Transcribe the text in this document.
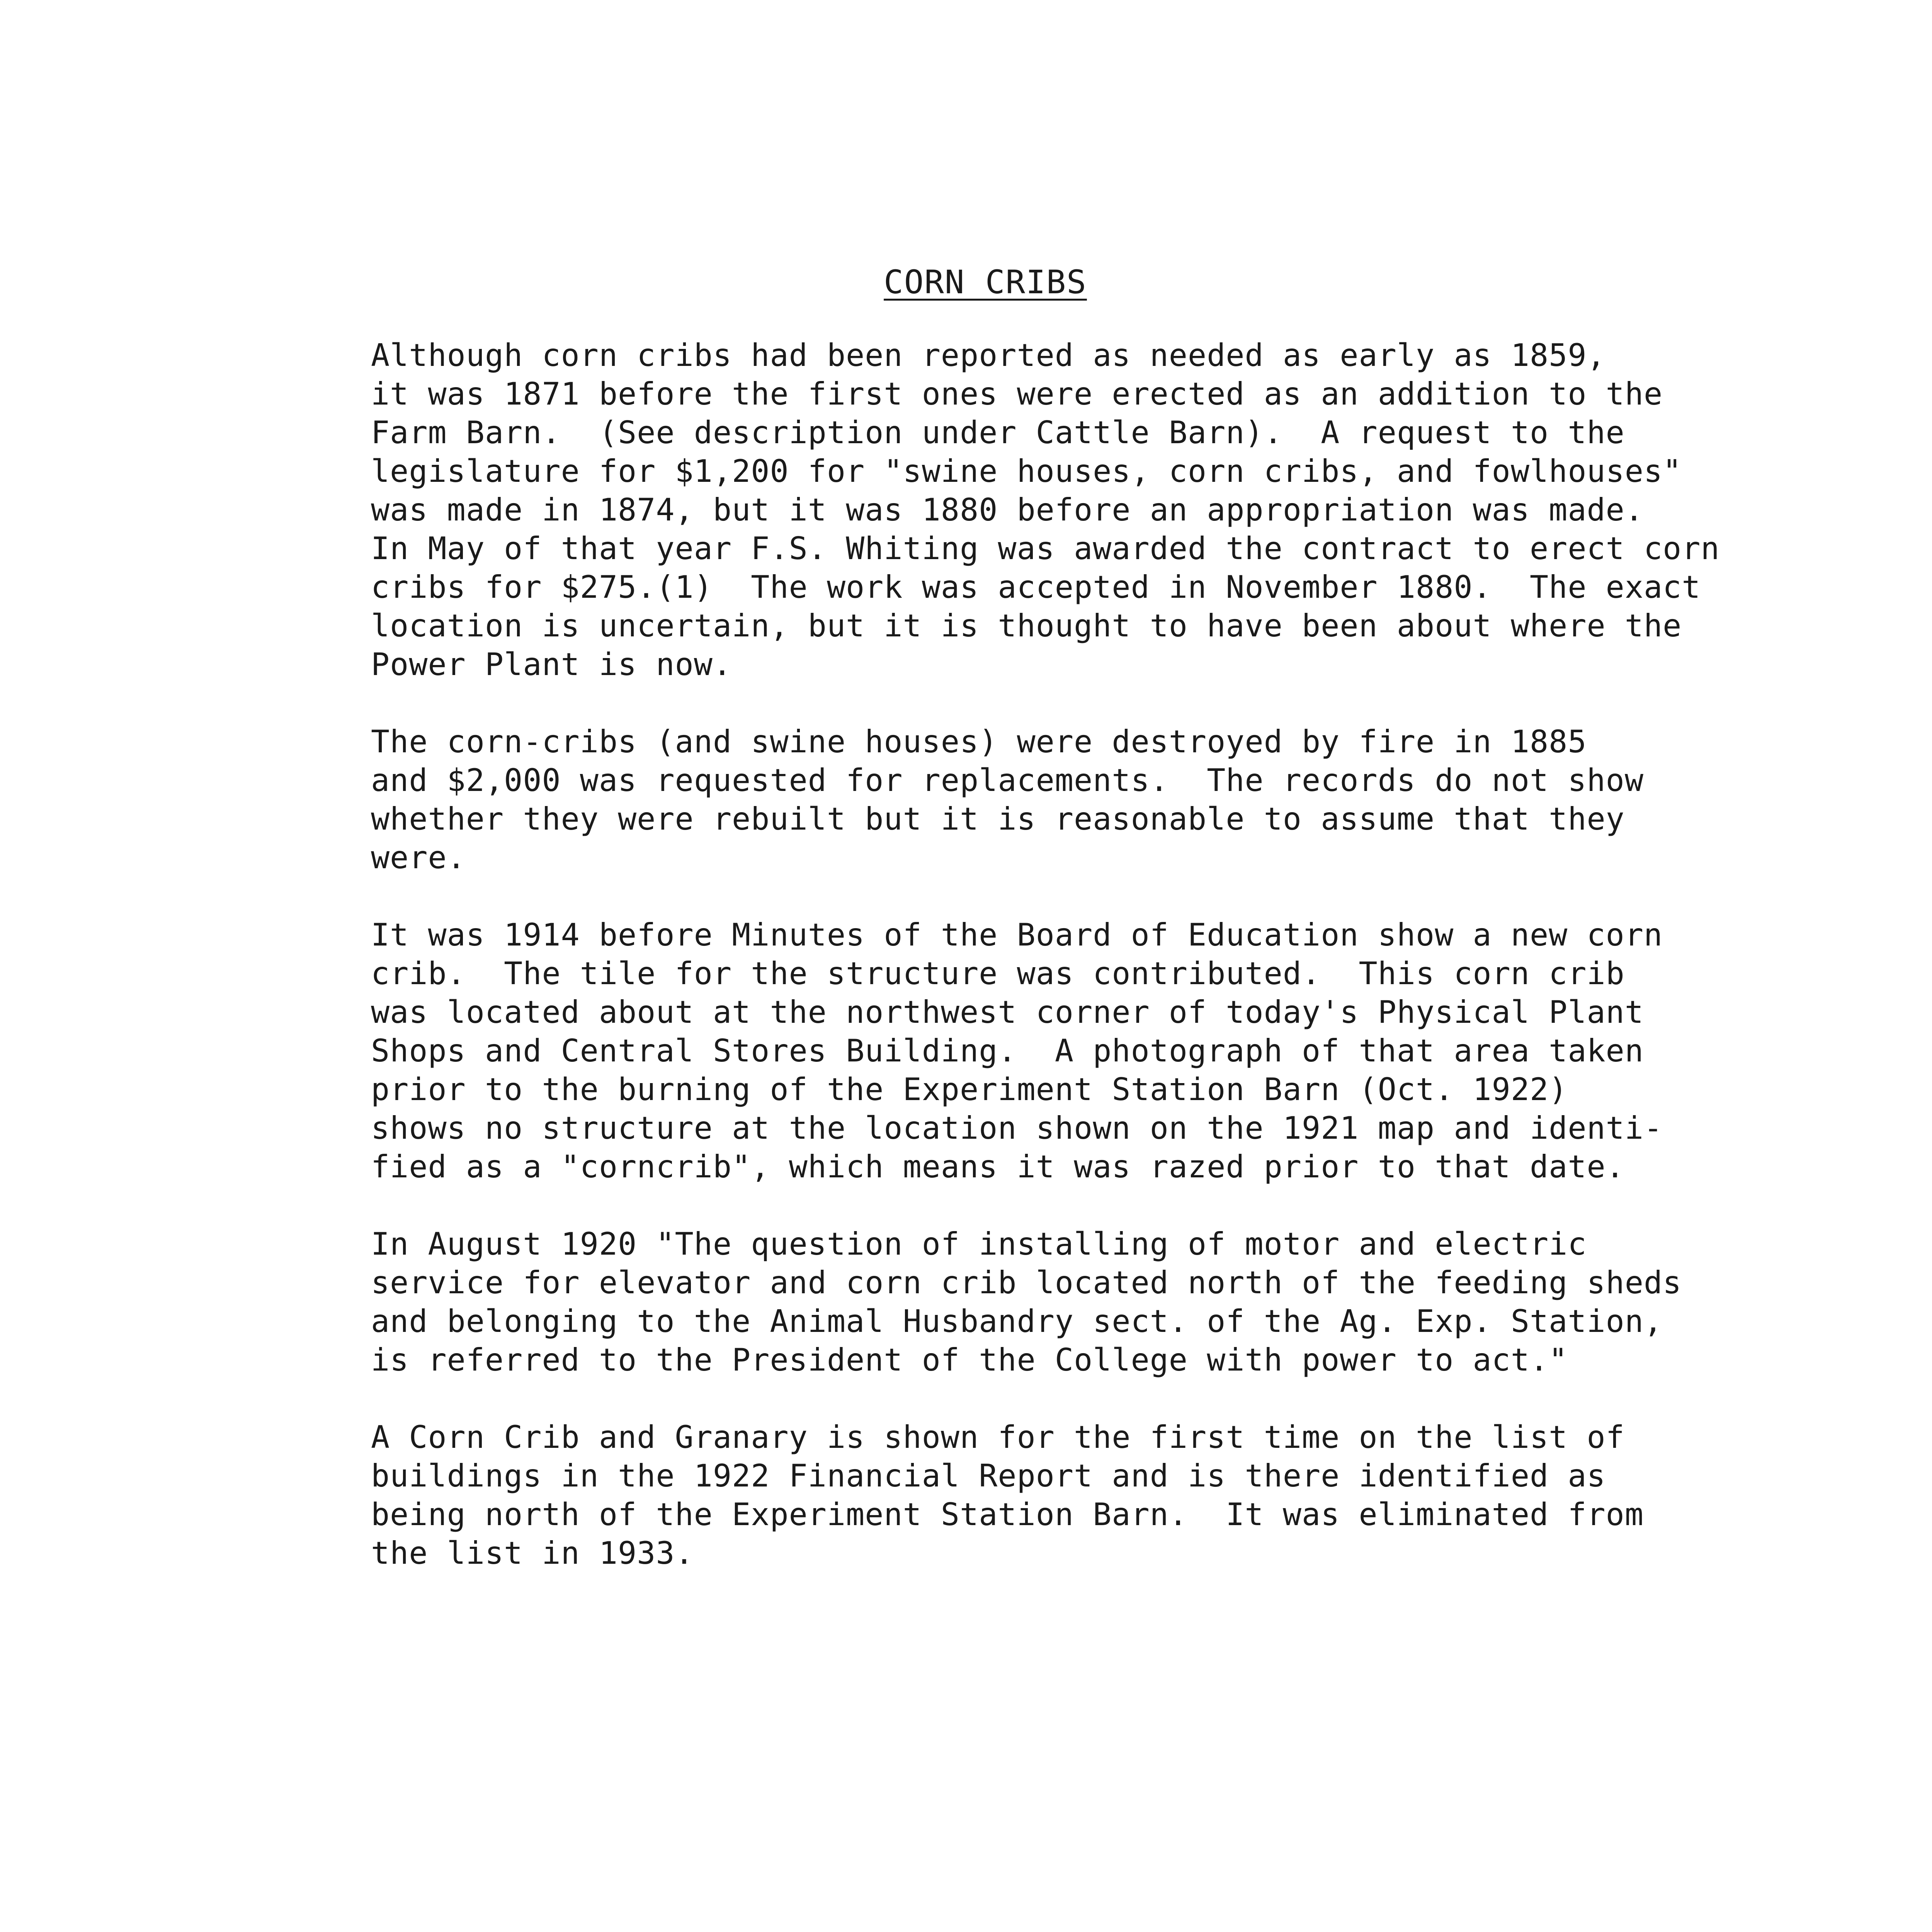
CORN CRIBS
Although corn cribs had been reported as needed as early as 1859,
it was 1871 before the first ones were erected as an addition to the
Farm Barn.  (See description under Cattle Barn).  A request to the
legislature for $1,200 for "swine houses, corn cribs, and fowlhouses"
was made in 1874, but it was 1880 before an appropriation was made.
In May of that year F.S. Whiting was awarded the contract to erect corn
cribs for $275.(1)  The work was accepted in November 1880.  The exact
location is uncertain, but it is thought to have been about where the
Power Plant is now.
The corn-cribs (and swine houses) were destroyed by fire in 1885
and $2,000 was requested for replacements.  The records do not show
whether they were rebuilt but it is reasonable to assume that they
were.
It was 1914 before Minutes of the Board of Education show a new corn
crib.  The tile for the structure was contributed.  This corn crib
was located about at the northwest corner of today's Physical Plant
Shops and Central Stores Building.  A photograph of that area taken
prior to the burning of the Experiment Station Barn (Oct. 1922)
shows no structure at the location shown on the 1921 map and identi-
fied as a "corncrib", which means it was razed prior to that date.
In August 1920 "The question of installing of motor and electric
service for elevator and corn crib located north of the feeding sheds
and belonging to the Animal Husbandry sect. of the Ag. Exp. Station,
is referred to the President of the College with power to act."
A Corn Crib and Granary is shown for the first time on the list of
buildings in the 1922 Financial Report and is there identified as
being north of the Experiment Station Barn.  It was eliminated from
the list in 1933.
